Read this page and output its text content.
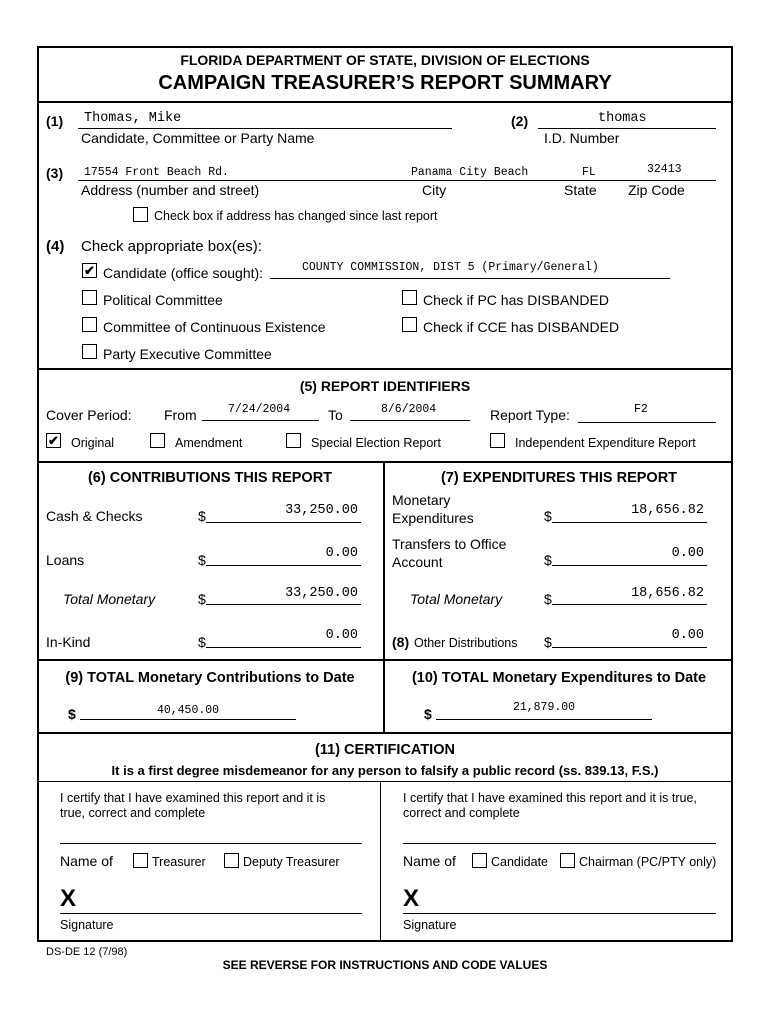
FLORIDA DEPARTMENT OF STATE, DIVISION OF ELECTIONS
CAMPAIGN TREASURER’S REPORT SUMMARY
(1) Thomas, Mike
Candidate, Committee or Party Name
(2)	thomas
I.D. Number
(3) 17554 Front Beach Rd.	Panama City Beach	FL	32413
Address (number and street)	City	State Zip Code
Check box if address has changed since last report
(4) Check appropriate box(es):
✔ Candidate (office sought):	COUNTY COMMISSION, DIST 5 (Primary/General)
Political Committee	Check if PC has DISBANDED
Committee of Continuous Existence	Check if CCE has DISBANDED
Party Executive Committee
(5) REPORT IDENTIFIERS
Cover Period: From	7/24/2004	To	8/6/2004	Report Type:	F2
✔ Original	Amendment	Special Election Report	Independent Expenditure Report
(6) CONTRIBUTIONS THIS REPORT
Cash & Checks	$	33,250.00
Loans	$	0.00
Total Monetary	$	33,250.00
In-Kind	$	0.00
(7) EXPENDITURES THIS REPORT
Monetary
Expenditures	$	18,656.82
Transfers to Office
Account	$	0.00
Total Monetary	$	18,656.82
(8) Other Distributions $	0.00
(9) TOTAL Monetary Contributions to Date
$	40,450.00
(10) TOTAL Monetary Expenditures to Date
$	21,879.00
(11) CERTIFICATION
It is a first degree misdemeanor for any person to falsify a public record (ss. 839.13, F.S.)
I certify that I have examined this report and it is
true, correct and complete
Name of	Treasurer	Deputy Treasurer
X
Signature
I certify that I have examined this report and it is true,
correct and complete
Name of	Candidate Chairman (PC/PTY only)
X
Signature
DS-DE 12 (7/98)
SEE REVERSE FOR INSTRUCTIONS AND CODE VALUES
